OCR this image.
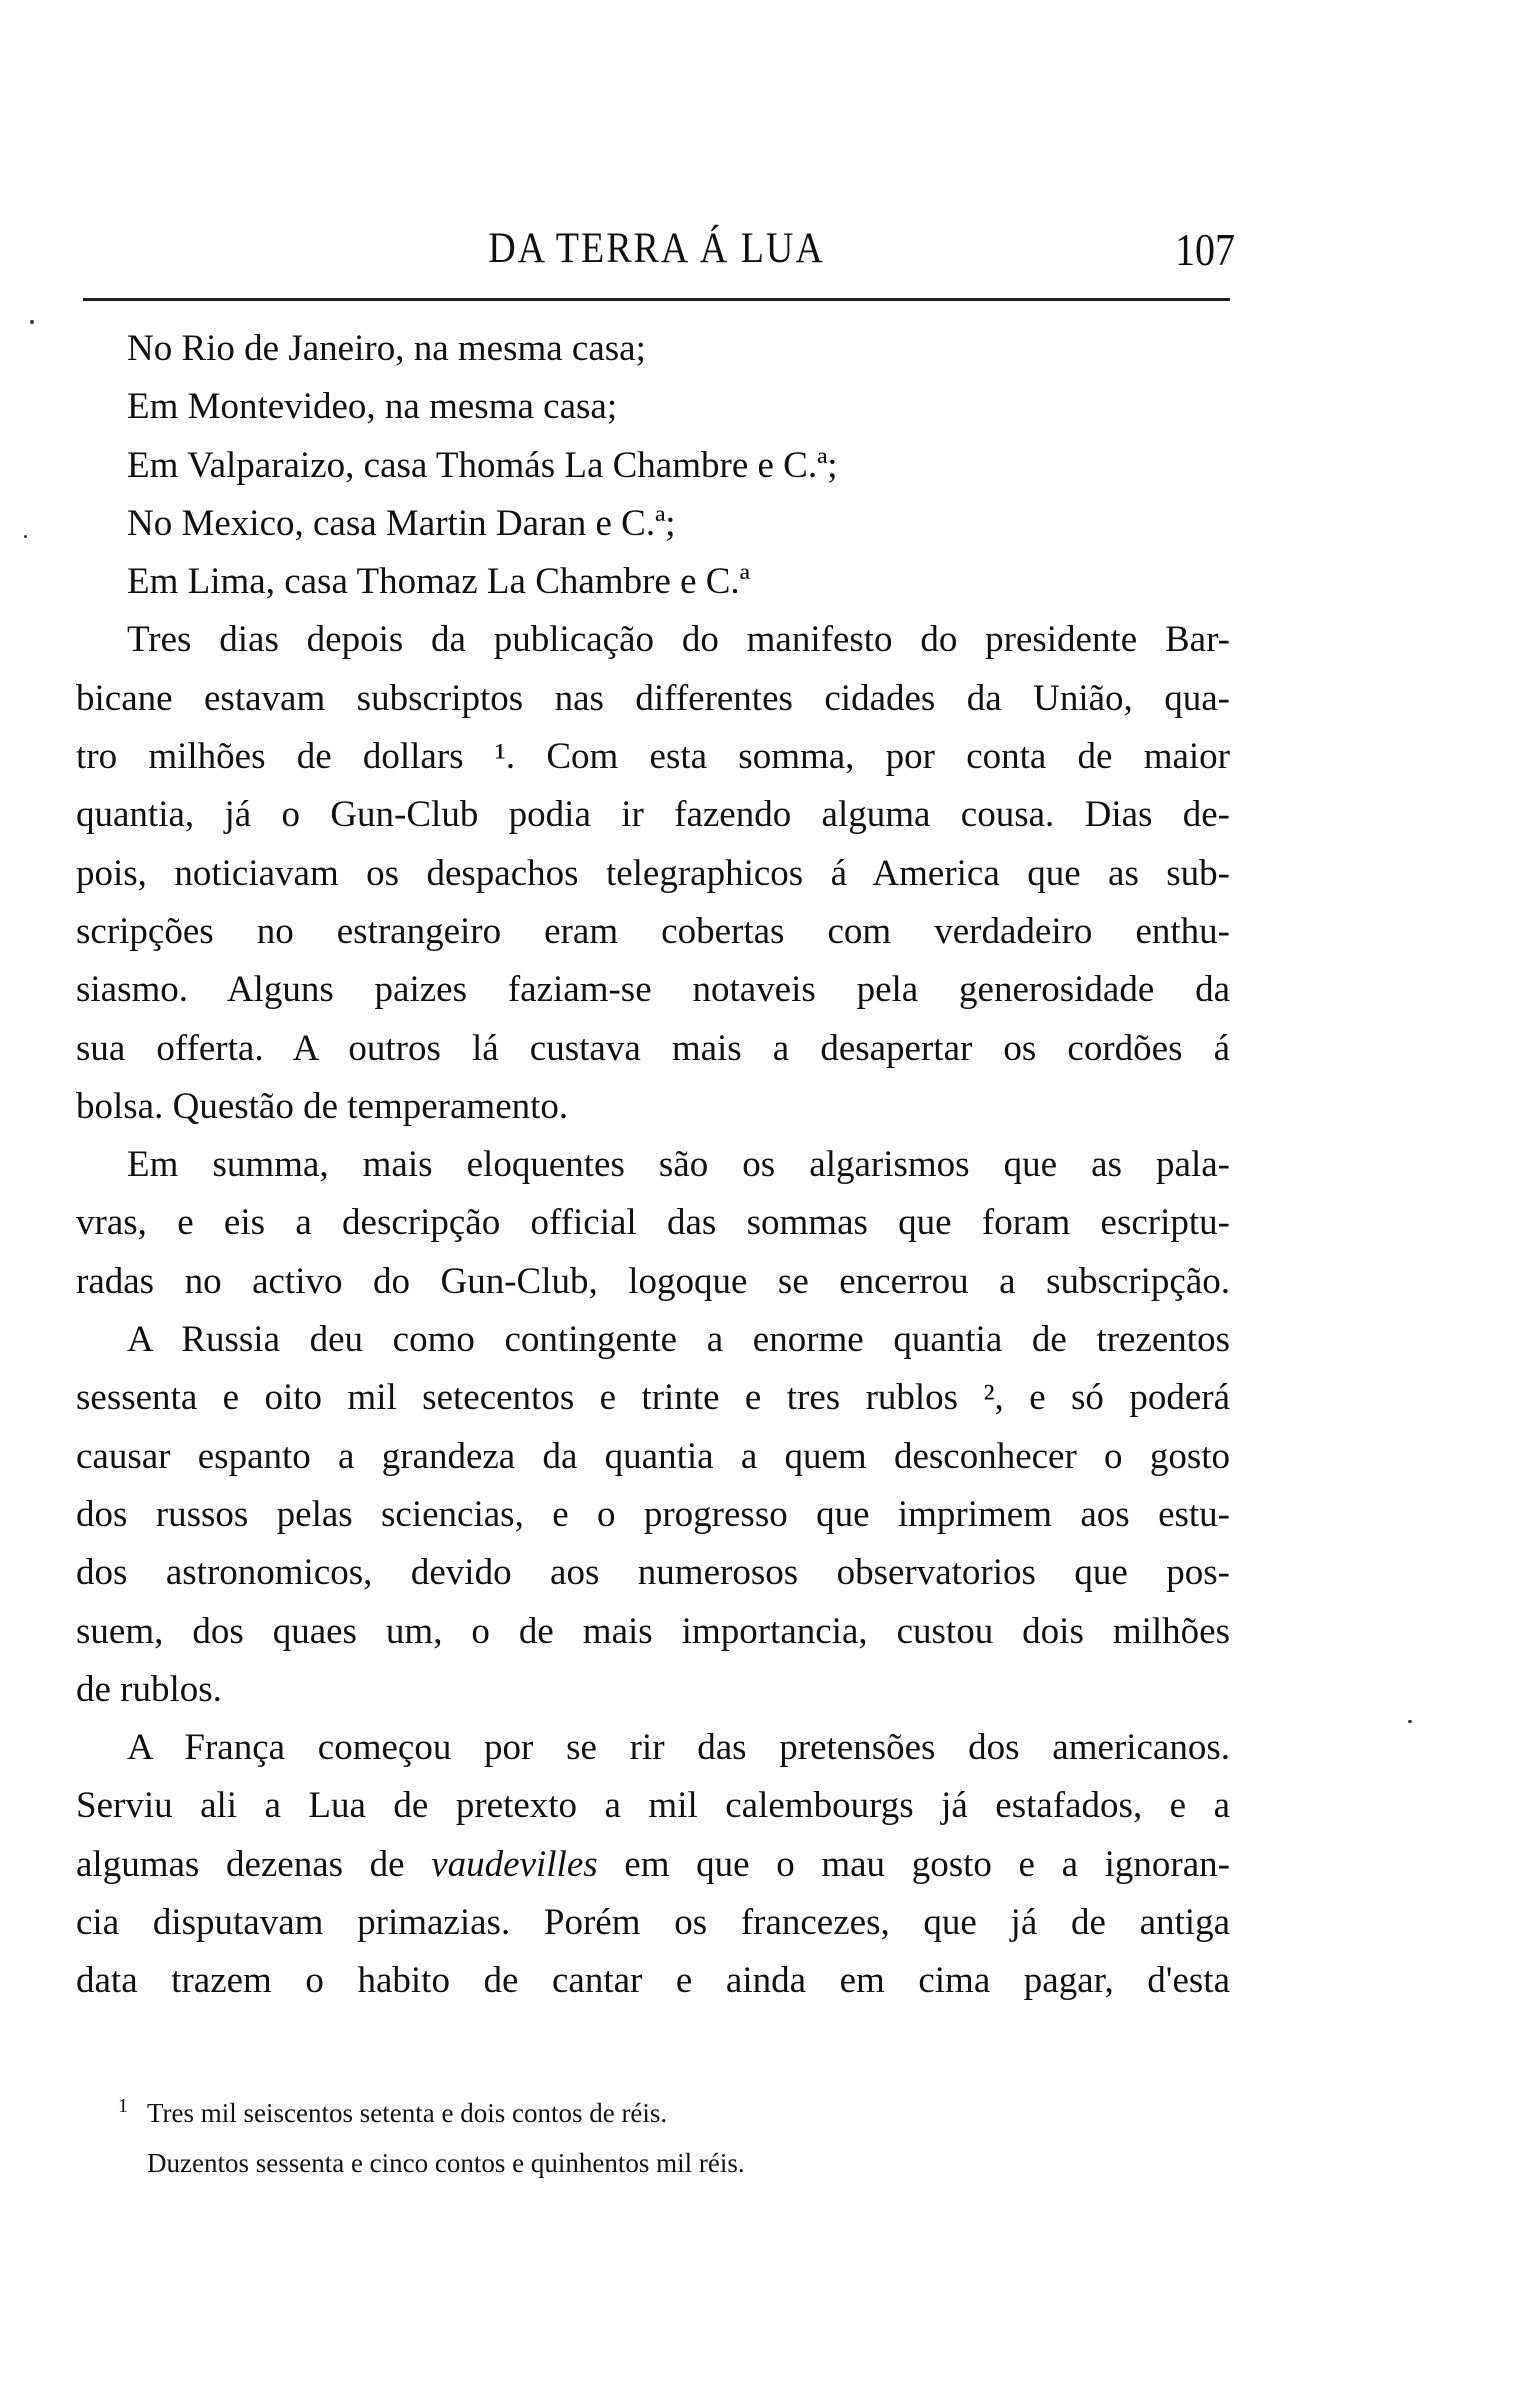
DA TERRA Á LUA	107
No Rio de Janeiro, na mesma casa;
Em Montevideo, na mesma casa;
Em Valparaizo, casa Thomás La Chambre e C.ª;
No Mexico, casa Martin Daran e C.ª;
Em Lima, casa Thomaz La Chambre e C.ª
Tres dias depois da publicação do manifesto do presidente Bar-
bicane estavam subscriptos nas differentes cidades da União, qua-
tro milhões de dollars ¹. Com esta somma, por conta de maior
quantia, já o Gun-Club podia ir fazendo alguma cousa. Dias de-
pois, noticiavam os despachos telegraphicos á America que as sub-
scripções no estrangeiro eram cobertas com verdadeiro enthu-
siasmo. Alguns paizes faziam-se notaveis pela generosidade da
sua offerta. A outros lá custava mais a desapertar os cordões á
bolsa. Questão de temperamento.
Em summa, mais eloquentes são os algarismos que as pala-
vras, e eis a descripção official das sommas que foram escriptu-
radas no activo do Gun-Club, logoque se encerrou a subscripção.
A Russia deu como contingente a enorme quantia de trezentos
sessenta e oito mil setecentos e trinte e tres rublos ², e só poderá
causar espanto a grandeza da quantia a quem desconhecer o gosto
dos russos pelas sciencias, e o progresso que imprimem aos estu-
dos astronomicos, devido aos numerosos observatorios que pos-
suem, dos quaes um, o de mais importancia, custou dois milhões
de rublos.
A França começou por se rir das pretensões dos americanos.
Serviu ali a Lua de pretexto a mil calembourgs já estafados, e a
algumas dezenas de vaudevilles em que o mau gosto e a ignoran-
cia disputavam primazias. Porém os francezes, que já de antiga
data trazem o habito de cantar e ainda em cima pagar, d'esta
1 Tres mil seiscentos setenta e dois contos de réis.
Duzentos sessenta e cinco contos e quinhentos mil réis.
